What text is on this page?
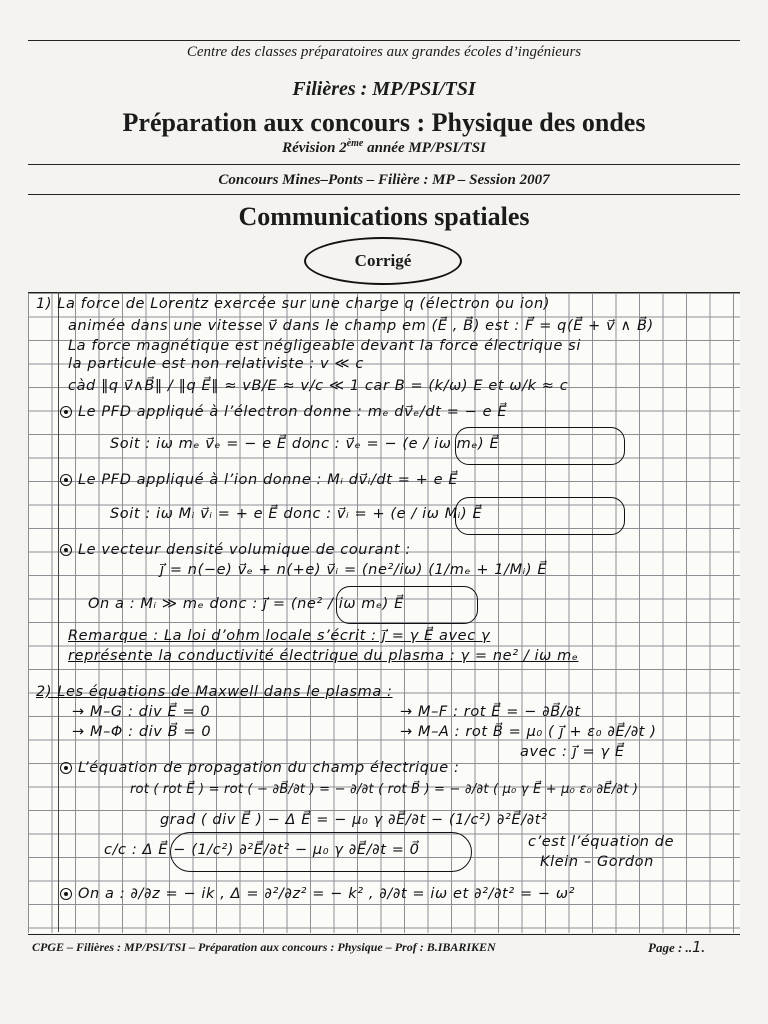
Centre des classes préparatoires aux grandes écoles d’ingénieurs
Filières : MP/PSI/TSI
Préparation aux concours : Physique des ondes
Révision 2ème année MP/PSI/TSI
Concours Mines–Ponts – Filière : MP – Session 2007
Communications spatiales
Corrigé
1) La force de Lorentz exercée sur une charge q (électron ou ion)
animée dans une vitesse v⃗ dans le champ em (E⃗ , B⃗) est : F⃗ = q(E⃗ + v⃗ ∧ B⃗)
La force magnétique est négligeable devant la force électrique si
la particule est non relativiste : v ≪ c
càd ‖q v⃗∧B⃗‖ / ‖q E⃗‖ ≈ vB/E ≈ v/c ≪ 1 car B = (k/ω) E et ω/k ≈ c
Le PFD appliqué à l’électron donne : mₑ dv⃗ₑ/dt = − e E⃗
Soit : iω mₑ v⃗ₑ = − e E⃗ donc : v⃗ₑ = − (e / iω mₑ) E⃗
Le PFD appliqué à l’ion donne : Mᵢ dv⃗ᵢ/dt = + e E⃗
Soit : iω Mᵢ v⃗ᵢ = + e E⃗ donc : v⃗ᵢ = + (e / iω Mᵢ) E⃗
Le vecteur densité volumique de courant :
j⃗ = n(−e) v⃗ₑ + n(+e) v⃗ᵢ = (ne²/iω) (1/mₑ + 1/Mᵢ) E⃗
On a : Mᵢ ≫ mₑ donc : j⃗ = (ne² / iω mₑ) E⃗
Remarque : La loi d’ohm locale s’écrit : j⃗ = γ E⃗ avec γ
représente la conductivité électrique du plasma : γ = ne² / iω mₑ
2) Les équations de Maxwell dans le plasma :
→ M–G : div E⃗ = 0	→ M–F : rot E⃗ = − ∂B⃗/∂t
→ M–Φ : div B⃗ = 0	→ M–A : rot B⃗ = μ₀ ( j⃗ + ε₀ ∂E⃗/∂t )
avec : j⃗ = γ E⃗
L’équation de propagation du champ électrique :
rot ( rot E⃗ ) = rot ( − ∂B⃗/∂t ) = − ∂/∂t ( rot B⃗ ) = − ∂/∂t ( μ₀ γ E⃗ + μ₀ ε₀ ∂E⃗/∂t )
grad ( div E⃗ ) − Δ E⃗ = − μ₀ γ ∂E⃗/∂t − (1/c²) ∂²E⃗/∂t²
c/c : Δ E⃗ − (1/c²) ∂²E⃗/∂t² − μ₀ γ ∂E⃗/∂t = 0⃗	c’est l’équation de
Klein – Gordon
On a : ∂/∂z = − ik , Δ = ∂²/∂z² = − k² , ∂/∂t = iω et ∂²/∂t² = − ω²
CPGE – Filières : MP/PSI/TSI – Préparation aux concours : Physique – Prof : B.IBARIKEN	Page : ..1.
